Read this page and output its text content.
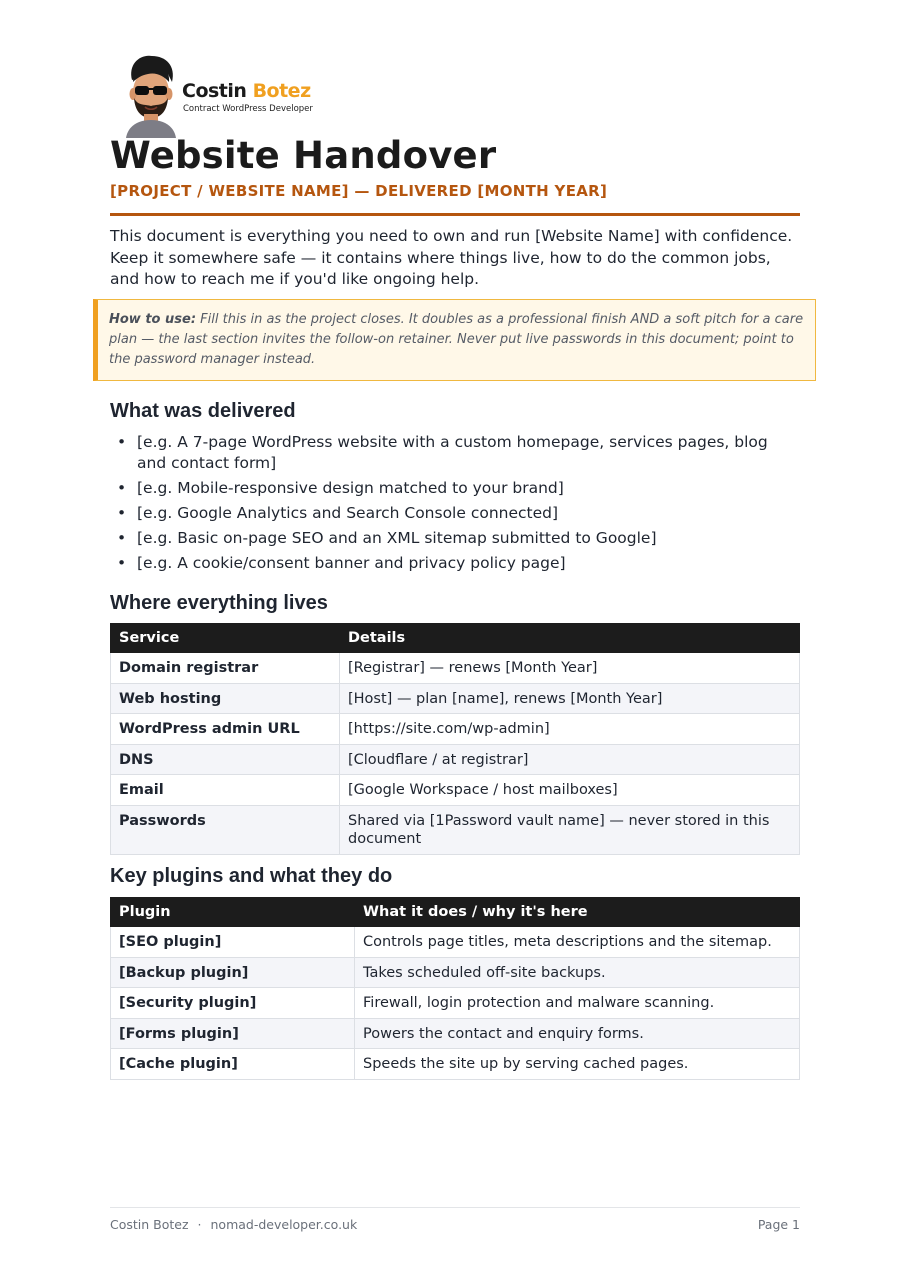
Costin Botez
Contract WordPress Developer
Website Handover
[PROJECT / WEBSITE NAME] — DELIVERED [MONTH YEAR]

This document is everything you need to own and run [Website Name] with confidence. Keep it somewhere safe — it contains where things live, how to do the common jobs, and how to reach me if you'd like ongoing help.

How to use: Fill this in as the project closes. It doubles as a professional finish AND a soft pitch for a care plan — the last section invites the follow-on retainer. Never put live passwords in this document; point to the password manager instead.
What was delivered
• [e.g. A 7-page WordPress website with a custom homepage, services pages, blog and contact form]
• [e.g. Mobile-responsive design matched to your brand]
• [e.g. Google Analytics and Search Console connected]
• [e.g. Basic on-page SEO and an XML sitemap submitted to Google]
• [e.g. A cookie/consent banner and privacy policy page]
Where everything lives
Service	Details
Domain registrar	[Registrar] — renews [Month Year]
Web hosting	[Host] — plan [name], renews [Month Year]
WordPress admin URL	[https://site.com/wp-admin]
DNS	[Cloudflare / at registrar]
Email	[Google Workspace / host mailboxes]
Passwords	Shared via [1Password vault name] — never stored in this document
Key plugins and what they do
Plugin	What it does / why it's here
[SEO plugin]	Controls page titles, meta descriptions and the sitemap.
[Backup plugin]	Takes scheduled off-site backups.
[Security plugin]	Firewall, login protection and malware scanning.
[Forms plugin]	Powers the contact and enquiry forms.
[Cache plugin]	Speeds the site up by serving cached pages.
Costin Botez · nomad-developer.co.uk	Page 1
